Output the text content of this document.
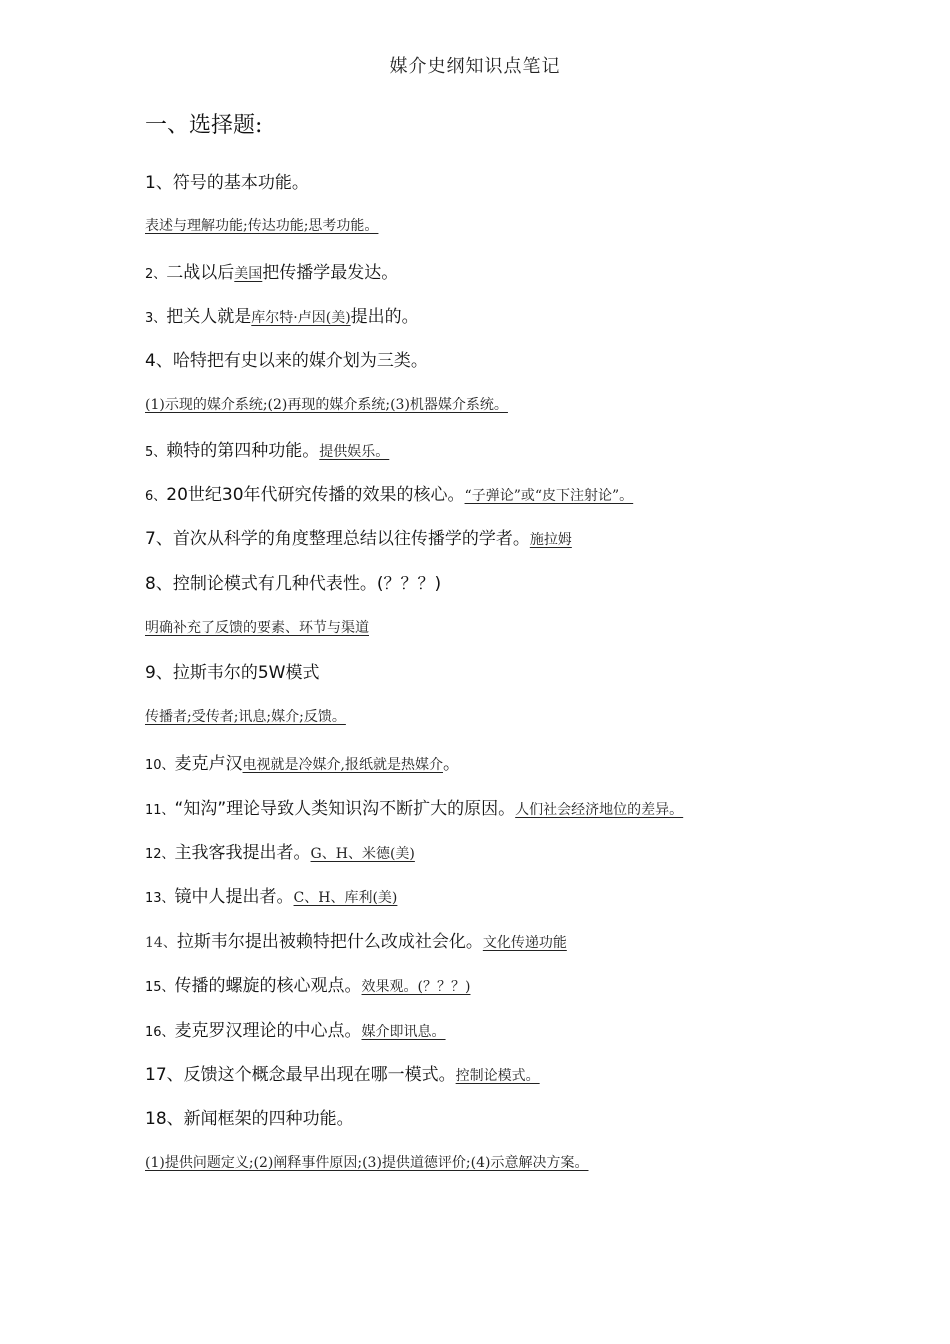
媒介史纲知识点笔记
一、选择题:
1、符号的基本功能。
表述与理解功能;传达功能;思考功能。
2、二战以后美国把传播学最发达。
3、把关人就是库尔特·卢因(美)提出的。
4、哈特把有史以来的媒介划为三类。
(1)示现的媒介系统;(2)再现的媒介系统;(3)机器媒介系统。
5、赖特的第四种功能。提供娱乐。
6、20世纪30年代研究传播的效果的核心。“子弹论”或“皮下注射论”。
7、首次从科学的角度整理总结以往传播学的学者。施拉姆
8、控制论模式有几种代表性。(？？？)
明确补充了反馈的要素、环节与渠道
9、拉斯韦尔的5W模式
传播者;受传者;讯息;媒介;反馈。
10、麦克卢汉电视就是冷媒介,报纸就是热媒介。
11、“知沟”理论导致人类知识沟不断扩大的原因。人们社会经济地位的差异。
12、主我客我提出者。G、H、米德(美)
13、镜中人提出者。C、H、库利(美)
14、拉斯韦尔提出被赖特把什么改成社会化。文化传递功能
15、传播的螺旋的核心观点。效果观。(？？？)
16、麦克罗汉理论的中心点。媒介即讯息。
17、反馈这个概念最早出现在哪一模式。控制论模式。
18、新闻框架的四种功能。
(1)提供问题定义;(2)阐释事件原因;(3)提供道德评价;(4)示意解决方案。
